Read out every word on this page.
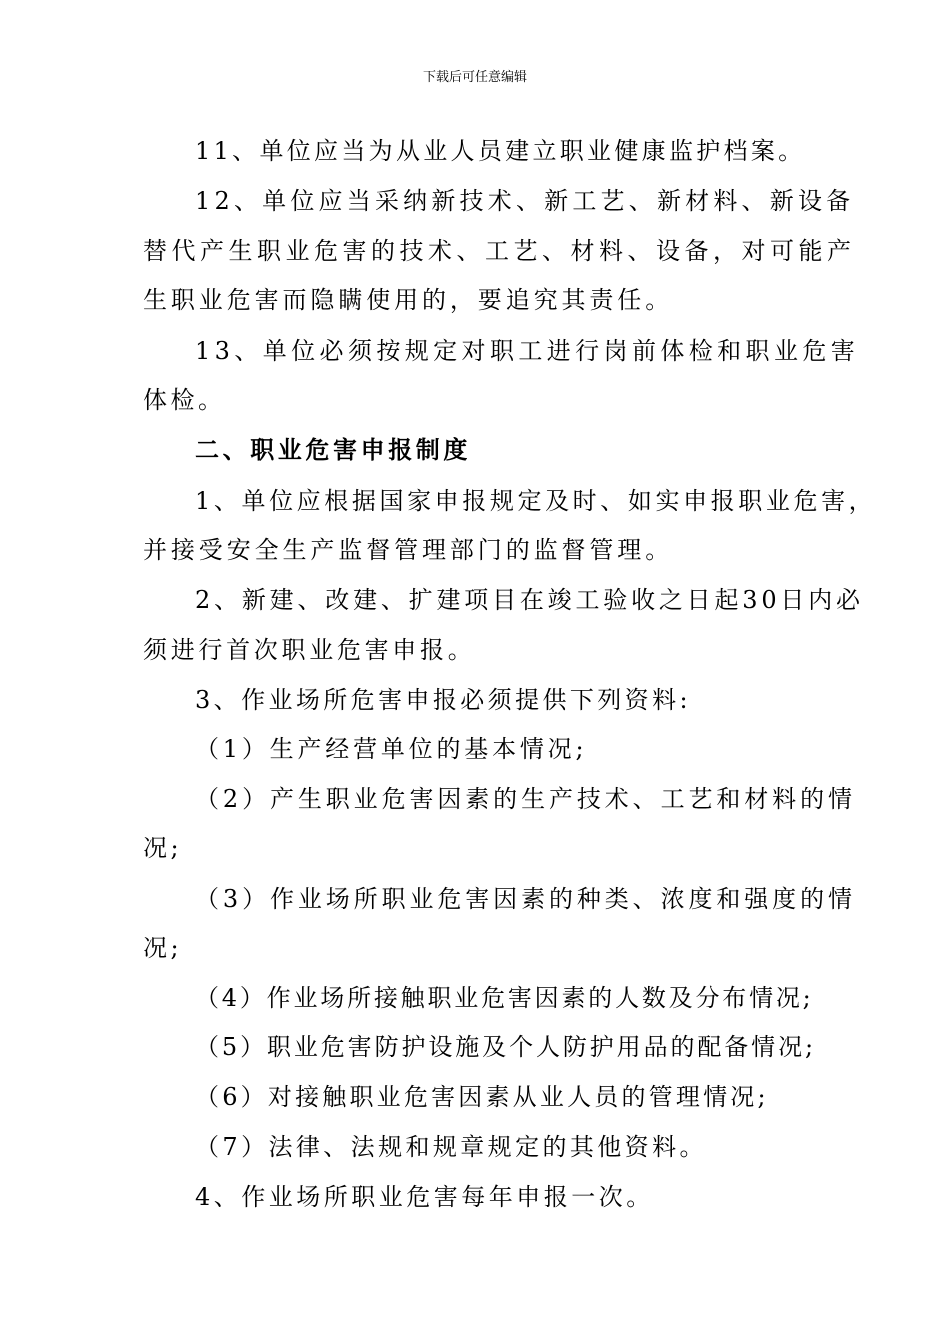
下载后可任意编辑
11、单位应当为从业人员建立职业健康监护档案。
12、单位应当采纳新技术、新工艺、新材料、新设备
替代产生职业危害的技术、工艺、材料、设备，对可能产
生职业危害而隐瞒使用的，要追究其责任。
13、单位必须按规定对职工进行岗前体检和职业危害
体检。
二、职业危害申报制度
1、单位应根据国家申报规定及时、如实申报职业危害，
并接受安全生产监督管理部门的监督管理。
2、新建、改建、扩建项目在竣工验收之日起30日内必
须进行首次职业危害申报。
3、作业场所危害申报必须提供下列资料:
（1）生产经营单位的基本情况;
（2）产生职业危害因素的生产技术、工艺和材料的情
况;
（3）作业场所职业危害因素的种类、浓度和强度的情
况;
（4）作业场所接触职业危害因素的人数及分布情况;
（5）职业危害防护设施及个人防护用品的配备情况;
（6）对接触职业危害因素从业人员的管理情况;
（7）法律、法规和规章规定的其他资料。
4、作业场所职业危害每年申报一次。
